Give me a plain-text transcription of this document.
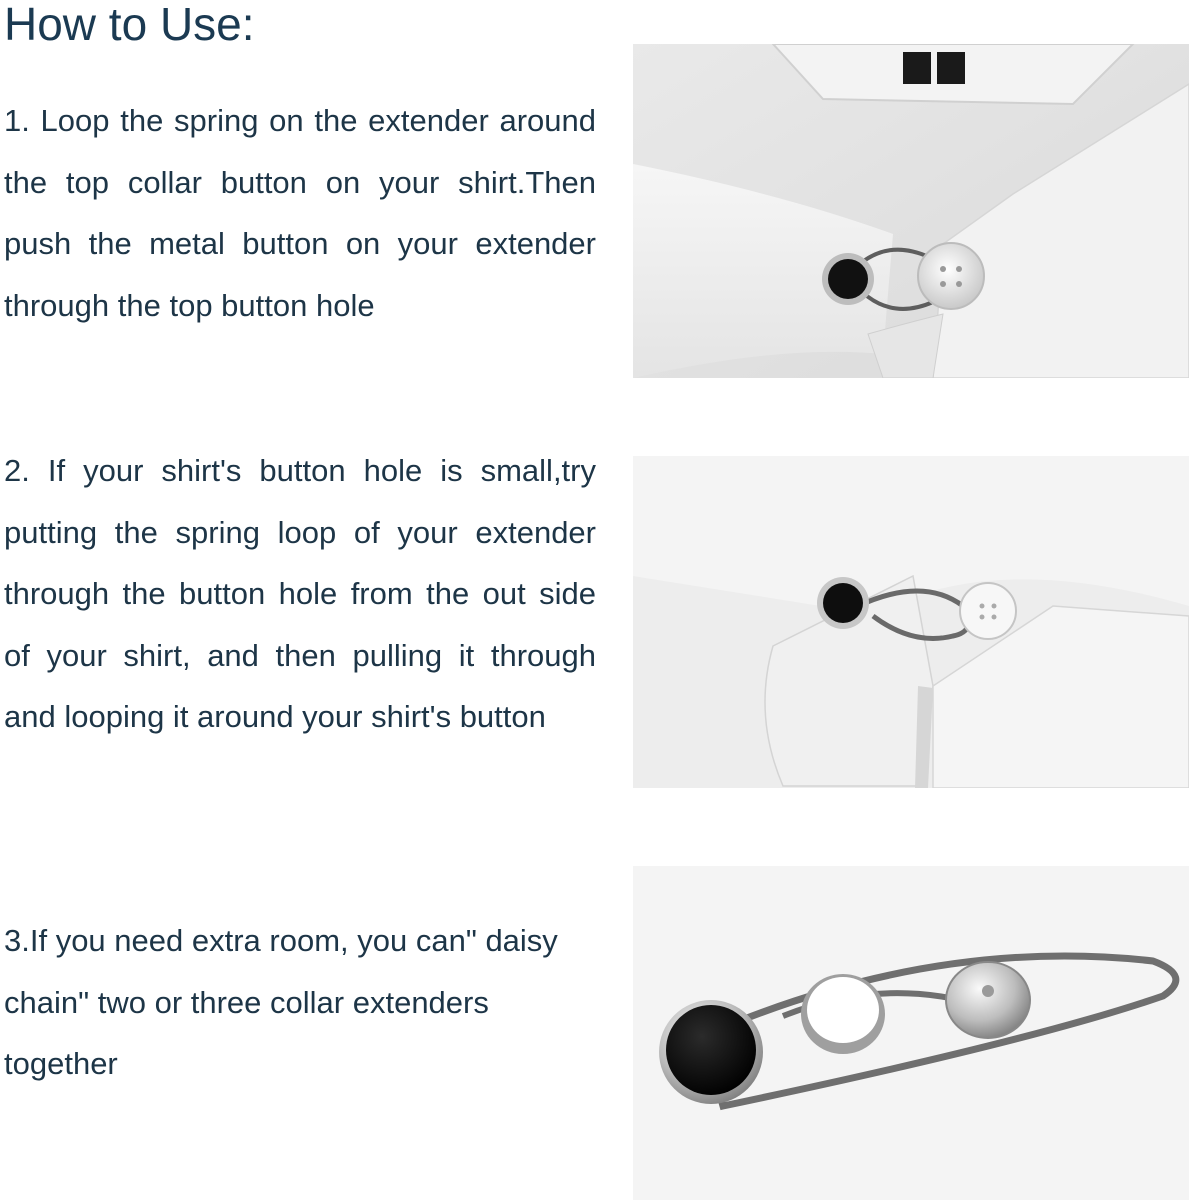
How to Use:

1. Loop the spring on the extender around the top collar button on your shirt.Then push the metal button on your extender through the top button hole

2. If your shirt's button hole is small,try putting the spring loop of your extender through the button hole from the out side of your shirt, and then pulling it through and looping it around your shirt's button

3.If you need extra room, you can" daisy chain" two or three collar extenders together
